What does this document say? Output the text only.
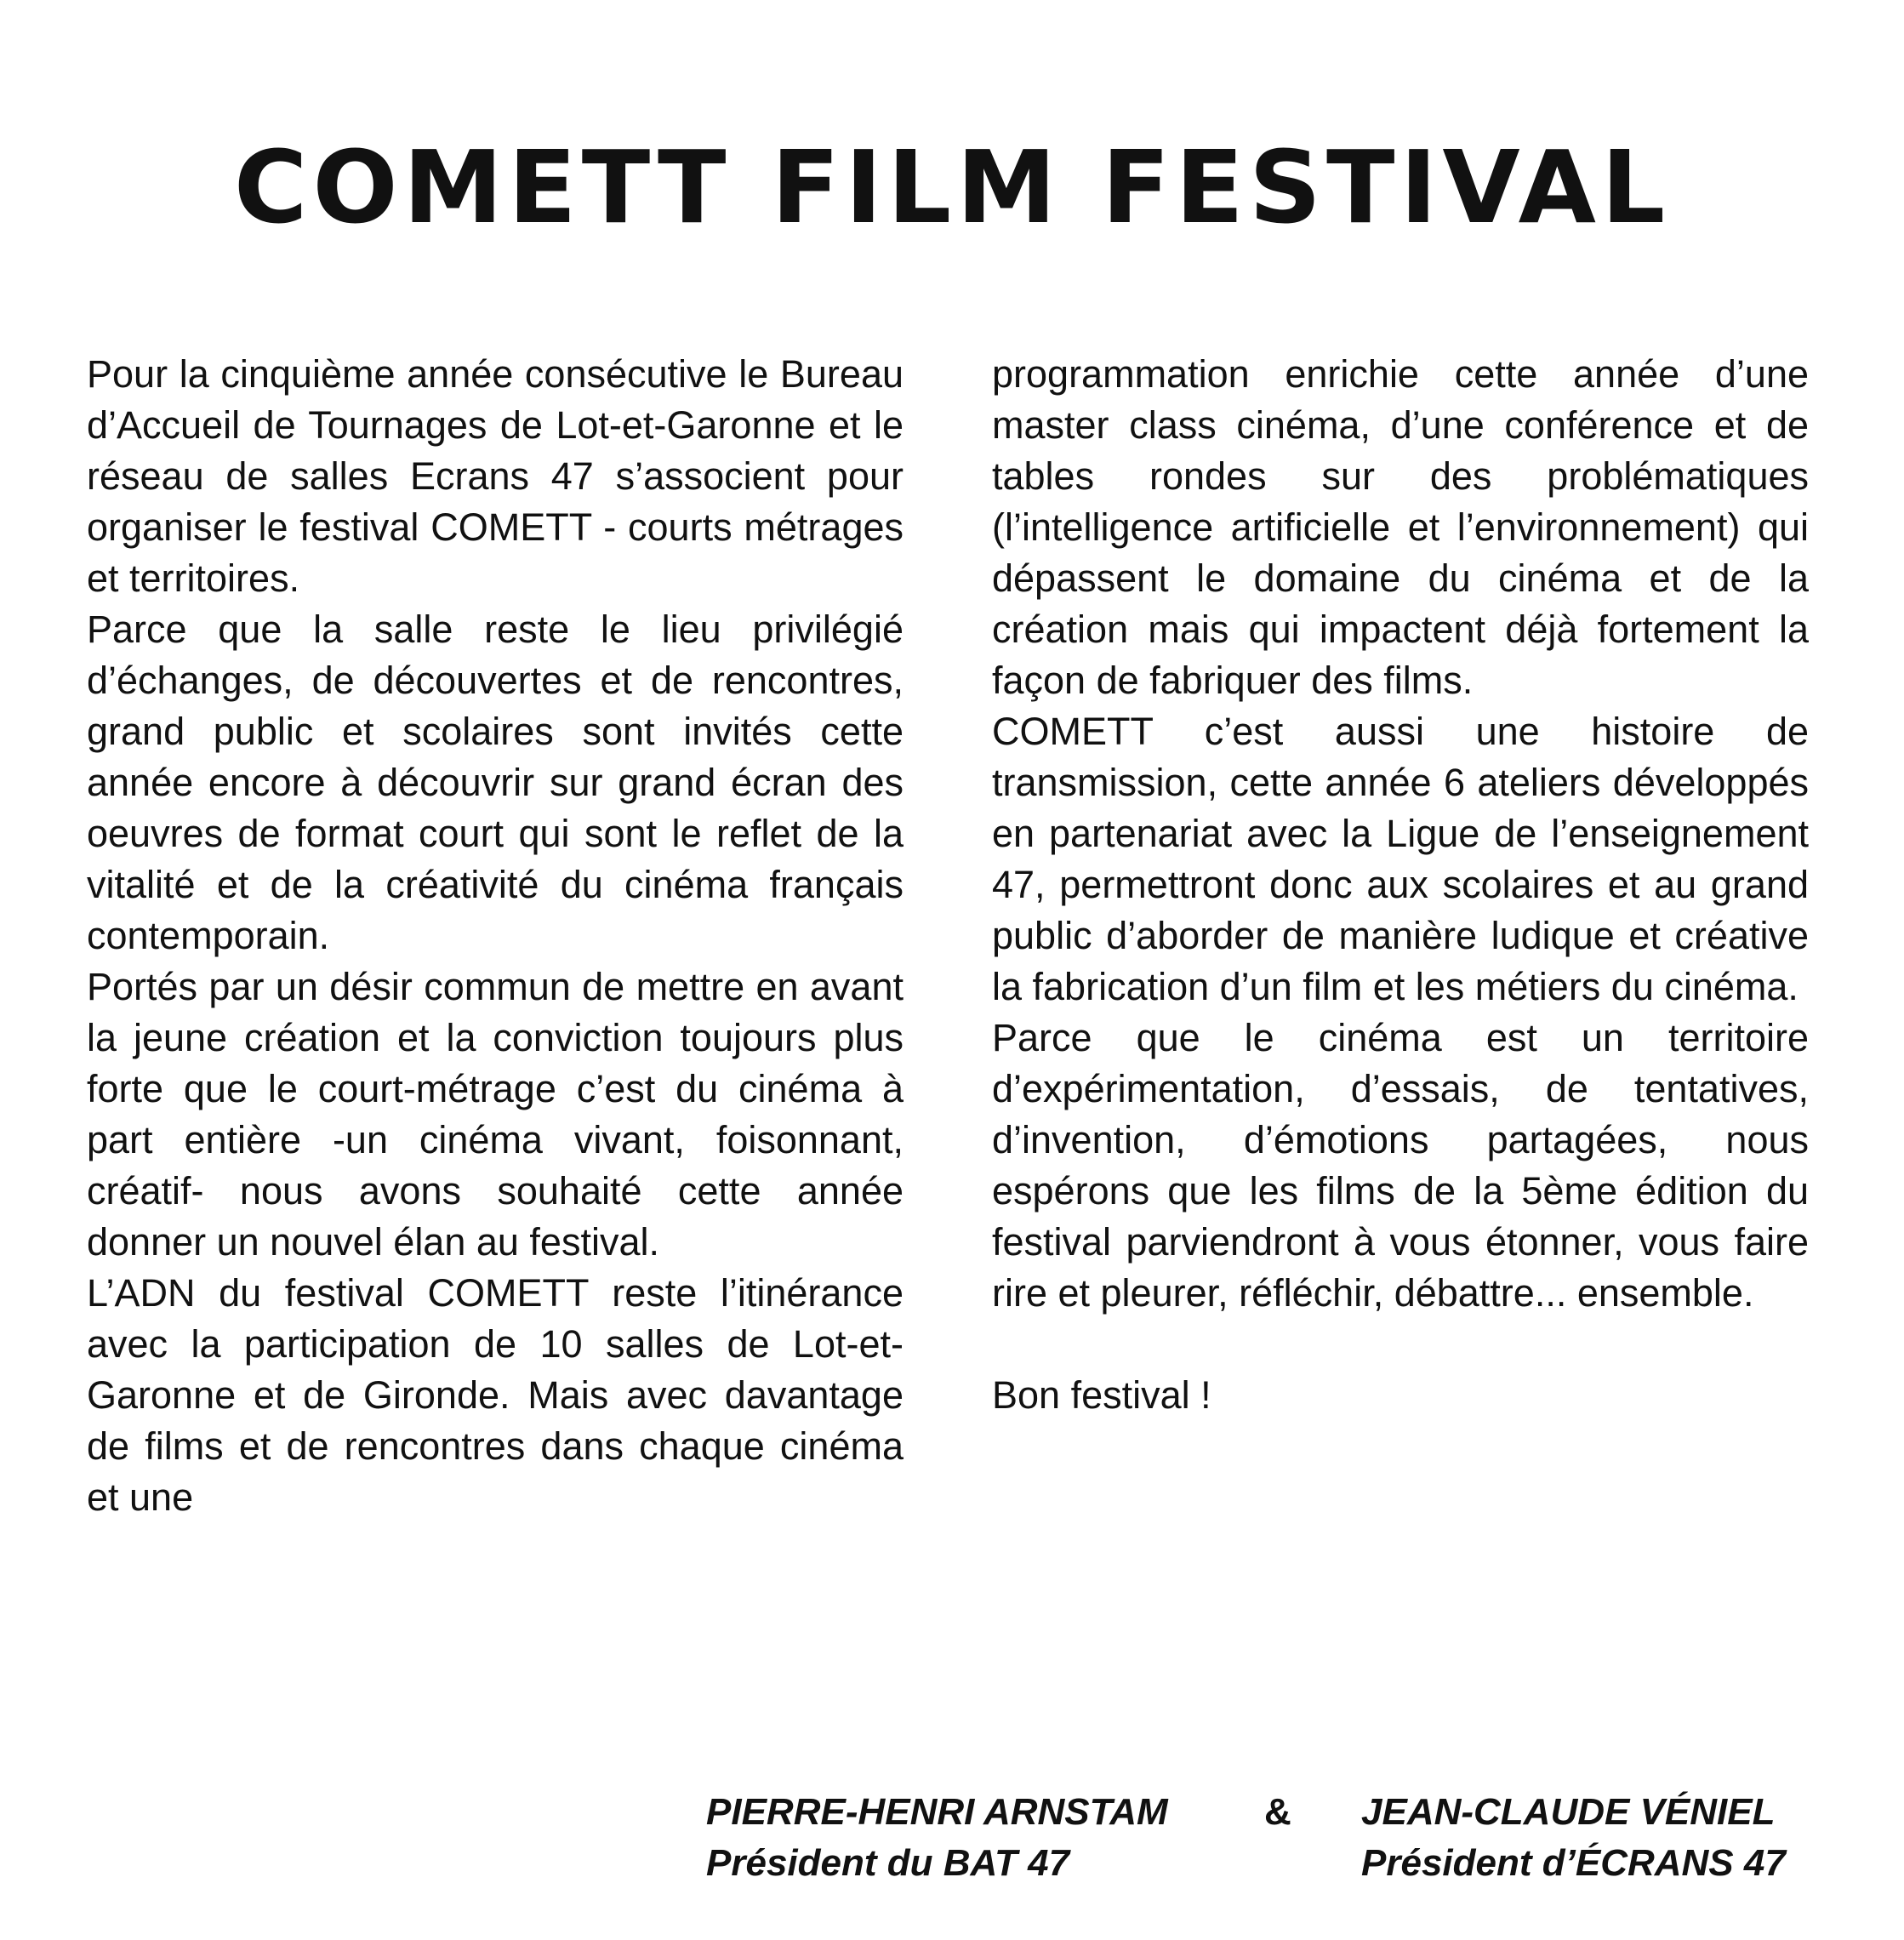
COMETT FILM FESTIVAL

Pour la cinquième année consécutive le Bureau d’Accueil de Tournages de Lot-et-Garonne et le réseau de salles Ecrans 47 s’associent pour organiser le festival COMETT - courts métrages et territoires.

Parce que la salle reste le lieu privilégié d’échanges, de découvertes et de rencontres, grand public et scolaires sont invités cette année encore à découvrir sur grand écran des oeuvres de format court qui sont le reflet de la vitalité et de la créativité du cinéma français contemporain.

Portés par un désir commun de mettre en avant la jeune création et la conviction toujours plus forte que le court-métrage c’est du cinéma à part entière -un cinéma vivant, foisonnant, créatif- nous avons souhaité cette année donner un nouvel élan au festival.

L’ADN du festival COMETT reste l’itinérance avec la participation de 10 salles de Lot-et- Garonne et de Gironde. Mais avec davantage de films et de rencontres dans chaque cinéma et une

programmation enrichie cette année d’une master class cinéma, d’une conférence et de tables rondes sur des problématiques (l’intelligence artificielle et l’environnement) qui dépassent le domaine du cinéma et de la création mais qui impactent déjà fortement la façon de fabriquer des films.

COMETT c’est aussi une histoire de transmission, cette année 6 ateliers développés en partenariat avec la Ligue de l’enseignement 47, permettront donc aux scolaires et au grand public d’aborder de manière ludique et créative la fabrication d’un film et les métiers du cinéma.

Parce que le cinéma est un territoire d’expérimentation, d’essais, de tentatives, d’invention, d’émotions partagées, nous espérons que les films de la 5ème édition du festival parviendront à vous étonner, vous faire rire et pleurer, réfléchir, débattre... ensemble.

Bon festival !

PIERRE-HENRI ARNSTAM
Président du BAT 47
& JEAN-CLAUDE VÉNIEL
Président d’ÉCRANS 47
